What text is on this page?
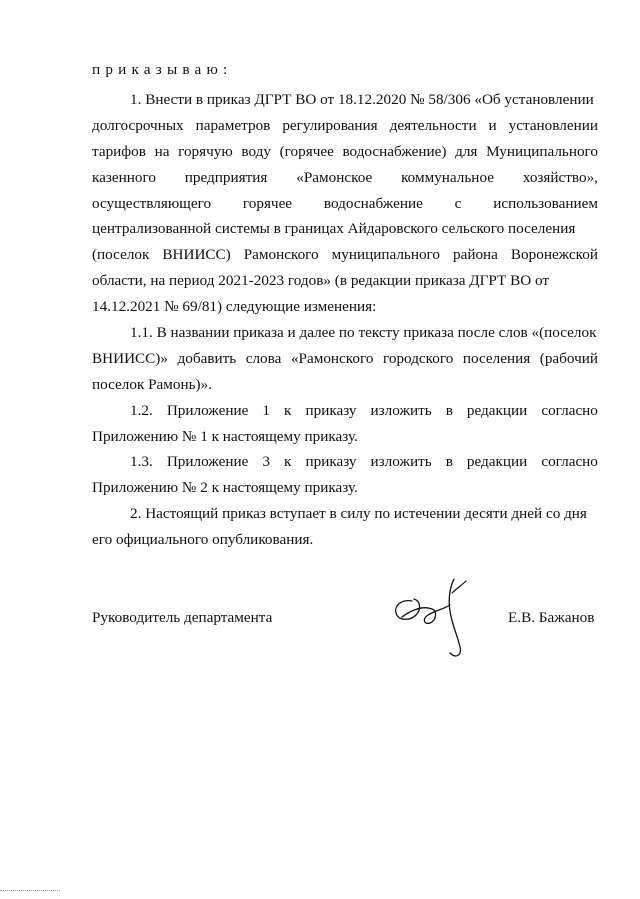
приказываю:
1. Внести в приказ ДГРТ ВО от 18.12.2020 № 58/306 «Об установлении
долгосрочных параметров регулирования деятельности и установлении
тарифов на горячую воду (горячее водоснабжение) для Муниципального
казенного предприятия «Рамонское коммунальное хозяйство»,
осуществляющего горячее водоснабжение с использованием
централизованной системы в границах Айдаровского сельского поселения
(поселок ВНИИСС) Рамонского муниципального района Воронежской
области, на период 2021-2023 годов» (в редакции приказа ДГРТ ВО от
14.12.2021 № 69/81) следующие изменения:
1.1. В названии приказа и далее по тексту приказа после слов «(поселок
ВНИИСС)» добавить слова «Рамонского городского поселения (рабочий
поселок Рамонь)».
1.2. Приложение 1 к приказу изложить в редакции согласно
Приложению № 1 к настоящему приказу.
1.3. Приложение 3 к приказу изложить в редакции согласно
Приложению № 2 к настоящему приказу.
2. Настоящий приказ вступает в силу по истечении десяти дней со дня
его официального опубликования.
Руководитель департамента	Е.В. Бажанов
